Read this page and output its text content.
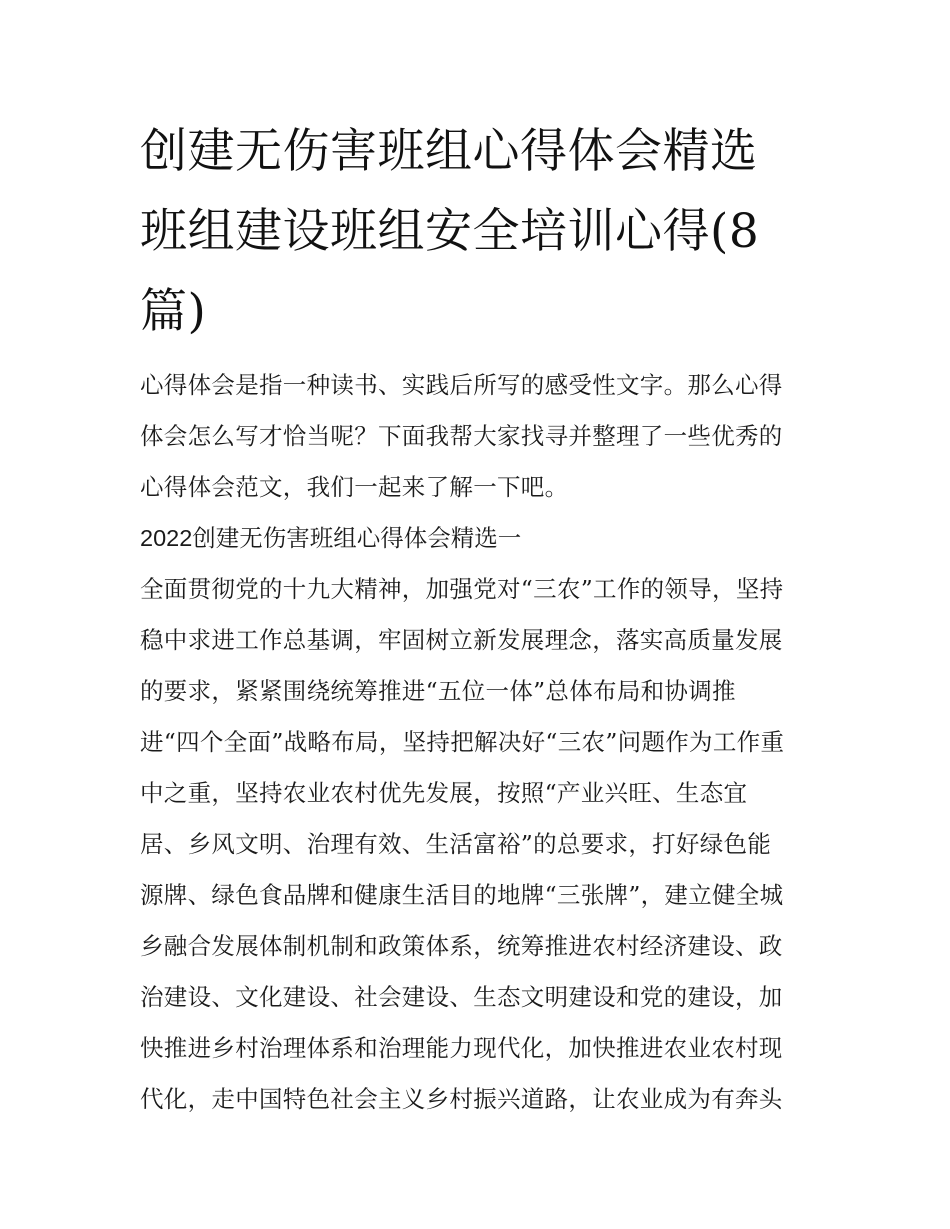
创建无伤害班组心得体会精选
班组建设班组安全培训心得(8
篇)

心得体会是指一种读书、实践后所写的感受性文字。那么心得
体会怎么写才恰当呢？下面我帮大家找寻并整理了一些优秀的
心得体会范文，我们一起来了解一下吧。

2022创建无伤害班组心得体会精选一

全面贯彻党的十九大精神，加强党对“三农”工作的领导，坚持
稳中求进工作总基调，牢固树立新发展理念，落实高质量发展
的要求，紧紧围绕统筹推进“五位一体”总体布局和协调推
进“四个全面”战略布局，坚持把解决好“三农”问题作为工作重
中之重，坚持农业农村优先发展，按照“产业兴旺、生态宜
居、乡风文明、治理有效、生活富裕”的总要求，打好绿色能
源牌、绿色食品牌和健康生活目的地牌“三张牌”，建立健全城
乡融合发展体制机制和政策体系，统筹推进农村经济建设、政
治建设、文化建设、社会建设、生态文明建设和党的建设，加
快推进乡村治理体系和治理能力现代化，加快推进农业农村现
代化，走中国特色社会主义乡村振兴道路，让农业成为有奔头
